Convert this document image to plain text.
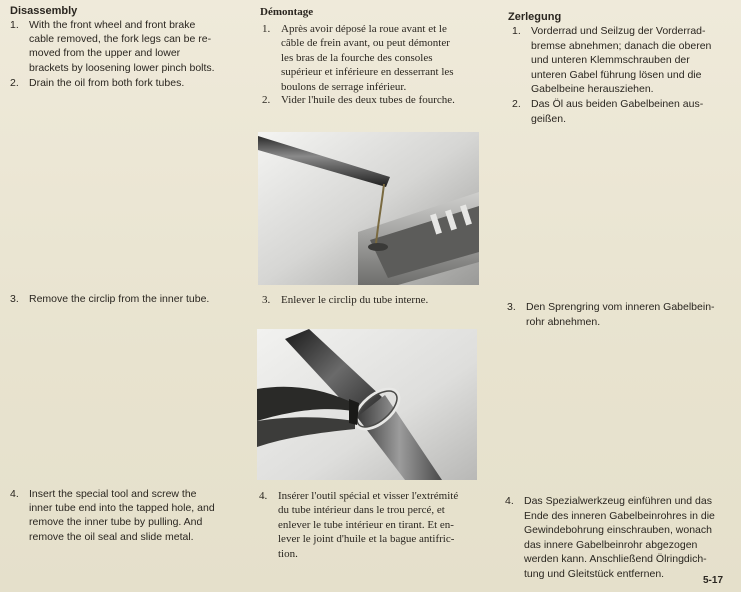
Disassembly
1. With the front wheel and front brake
cable removed, the fork legs can be re-
moved from the upper and lower
brackets by loosening lower pinch bolts.
2. Drain the oil from both fork tubes.
3. Remove the circlip from the inner tube.
4. Insert the special tool and screw the
inner tube end into the tapped hole, and
remove the inner tube by pulling. And
remove the oil seal and slide metal.
Démontage
1. Après avoir déposé la roue avant et le
câble de frein avant, ou peut démonter
les bras de la fourche des consoles
supérieur et inférieure en desserrant les
boulons de serrage inférieur.
2. Vider l'huile des deux tubes de fourche.
3. Enlever le circlip du tube interne.
4. Insérer l'outil spécial et visser l'extrémité
du tube intérieur dans le trou percé, et
enlever le tube intérieur en tirant. Et en-
lever le joint d'huile et la bague antifric-
tion.
Zerlegung
1. Vorderrad und Seilzug der Vorderrad-
bremse abnehmen; danach die oberen
und unteren Klemmschrauben der
unteren Gabel führung lösen und die
Gabelbeine herausziehen.
2. Das Öl aus beiden Gabelbeinen aus-
geißen.
3. Den Sprengring vom inneren Gabelbein-
rohr abnehmen.
4. Das Spezialwerkzeug einführen und das
Ende des inneren Gabelbeinrohres in die
Gewindebohrung einschrauben, wonach
das innere Gabelbeinrohr abgezogen
werden kann. Anschließend Ölringdich-
tung und Gleitstück entfernen.
5-17
